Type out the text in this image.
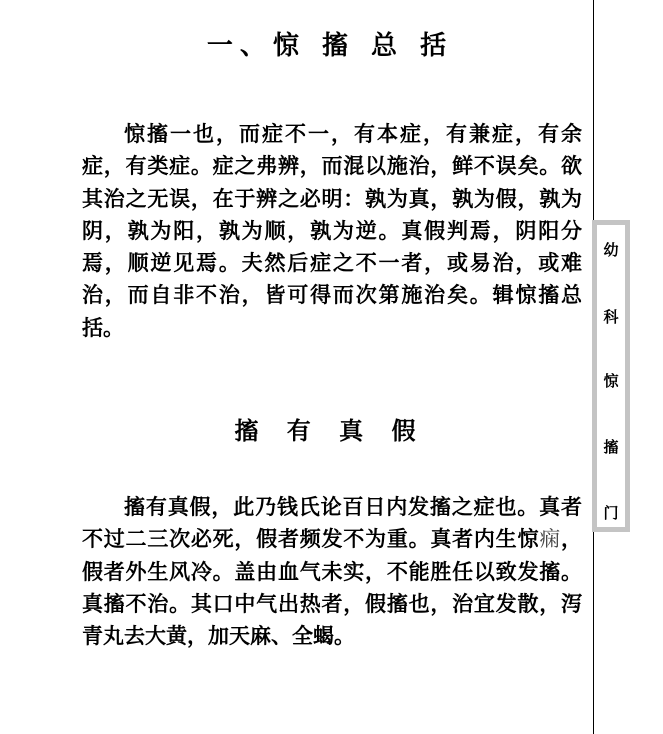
一、惊 搐 总 括

惊搐一也，而症不一，有本症，有兼症，有余症，有类症。症之弗辨，而混以施治，鲜不误矣。欲其治之无误，在于辨之必明：孰为真，孰为假，孰为阴，孰为阳，孰为顺，孰为逆。真假判焉，阴阳分焉，顺逆见焉。夫然后症之不一者，或易治，或难治，而自非不治，皆可得而次第施治矣。辑惊搐总括。

搐 有 真 假

搐有真假，此乃钱氏论百日内发搐之症也。真者不过二三次必死，假者频发不为重。真者内生惊痫，假者外生风冷。盖由血气未实，不能胜任以致发搐。真搐不治。其口中气出热者，假搐也，治宜发散，泻青丸去大黄，加天麻、全蝎。

幼
科
惊
搐
门
